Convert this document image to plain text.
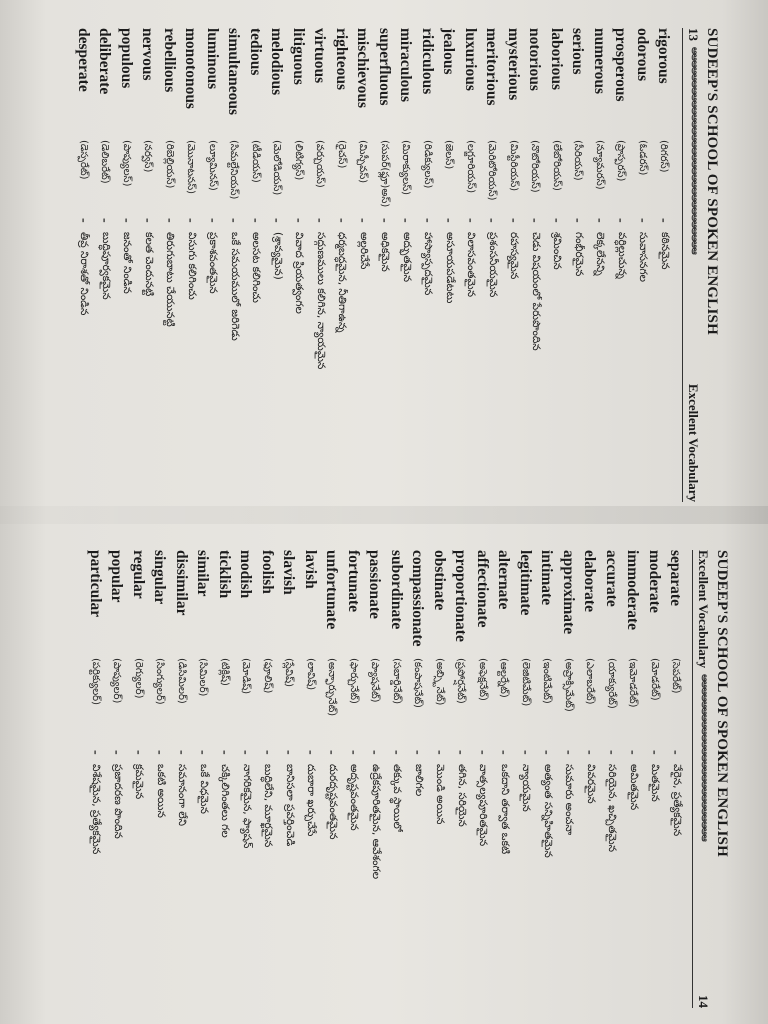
SUDEEP'S SCHOOL OF SPOKEN ENGLISH
13
ఆఆఆఆఆఆఆఆఆఆఆఆఆఆఆఆఆఆఆఆఆఆఆఆఆఆఆఆఆఆఆ
Excellent Vocabulary
rigorous
(రిగరస్)
-
కఠినమైన
odorous
(ఓడరస్)
-
సువాసనగల
prosperous
(ప్రాస్పరస్)
-
వర్ధిల్లుచున్న
numerous
(న్యూమరస్)
-
లెక్కలేనన్ని
serious
(సీరియస్)
-
గంభీరమైన
laborious
(లేబోరియస్)
-
శ్రమించిన
notorious
(నొటోరియస్)
-
చెడు విషయంలో పేరుపొందిన
mysterious
(మిస్టీరియస్)
-
రహస్యమైన
meritorious
(మెరిటోరియస్)
-
ప్రశంసనీయమైన
luxurious
(లగ్జూరియస్)
-
విలాసవంతమైన
jealous
(జెలస్)
-
అసూయపడేటటు
ridiculous
(రిడిక్యులస్)
-
హాస్యాస్పదమైన
miraculous
(మిరాక్యులస్)
-
అద్భుతమైన
superfluous
(సుపర్(ఫ్లూ)అస్)
-
అధికమైన
mischievous
(మిస్చీవస్)
-
అల్లరిచేసే
righteous
(రైచస్)
-
ధర్మబద్ధమైన, నీతిగాఉన్న
virtuous
(వర్చుయస్)
-
సద్గుణములు కలిగిన, న్యాయమైన
litiguous
(లిటిగ్యస్)
-
వివాద ప్రియత్వంగల
melodious
(మెలోడియస్)
-
(శ్రావ్యమైన)
tedious
(టీడియస్)
-
అలసట కలిగించు
simultaneous
(సిమల్టేనియస్)
-
ఒకే సమయములో జరిగెడు
luminous
(ల్యూమినస్)
-
ప్రకాశవంతమైన
monotonous
(మొనాటనస్)
-
విసుగు కలిగించు
rebellious
(రిబెల్లియస్)
-
తిరుగుబాటు చేయునట్టి
nervous
(నర్వస్)
-
కలత చెందునట్టి
populous
(పాప్యులస్)
-
జనంతో నిండిన
deliberate
(డెలిబరేట్)
-
బుద్ధిపూర్వకమైన
desperate
(డెస్పరేట్)
-
తీవ్ర నిరాశతో నిండిన
SUDEEP'S SCHOOL OF SPOKEN ENGLISH
Excellent Vocabulary
ఆఆఆఆఆఆఆఆఆఆఆఆఆఆఆఆఆఆఆఆఆఆఆఆఆ
14
separate
(సెపరేట్)
-
వేరైన, ప్రత్యేకమైన
moderate
(మోడరేట్)
-
మితమైన
immoderate
(ఇమోడరేట్)
-
అమితమైన
accurate
(యాక్యురేట్)
-
సరియైన, ఖచ్చితమైన
elaborate
(ఎలాబరేట్)
-
వివరమైన
approximate
(అప్రాక్సిమేట్)
-
సుమారు అంచనా
intimate
(ఇంటిమేట్)
-
అత్యంత సన్నిహితమైన
legitimate
(లెజిటిమేట్)
-
న్యాయమైన
alternate
(ఆల్టర్నేట్)
-
ఒకదాని తర్వాత ఒకటి
affectionate
(అఫెక్షనేట్)
-
వాత్సల్యపూరితమైన
proportionate
(ప్రపోర్షనేట్)
-
తగిన, సరియైన
obstinate
(అబ్స్టినేట్)
-
మొండి అయిన
compassionate
(కంపాషనేట్)
-
జాలిగల
subordinate
(సబార్డినేట్)
-
తక్కువ స్థాయిలో
passionate
(ప్యాషనేట్)
-
ఉద్రేకపూరితమైన, ఆవేశంగల
fortunate
(ఫార్చునేట్)
-
అదృష్టవంతమైన
unfortunate
(అన్ఫార్చునేట్)
-
దురదృష్టవంతమైన
lavish
(లావిష్)
-
దుబారా ఖర్చుచేసే
slavish
(స్లేవిష్)
-
బానిసలా ప్రవర్తించెడి
foolish
(ఫూలిష్)
-
బుద్ధిలేని, మూర్ఖమైన
modish
(మోడిష్)
-
నాగరికమైన, ఫ్యాషన్
ticklish
(టిక్లిష్)
-
చక్కిలిగింతలు గల
similar
(సిమిలర్)
-
ఒకే విధమైన
dissimilar
(డిసిమిలర్)
-
సమానంగా లేని
singular
(సింగ్యులర్)
-
ఒకటి అయిన
regular
(రెగ్యులర్)
-
క్రమమైన
popular
(పాప్యులర్)
-
ప్రజాదరణ పొందిన
particular
(పర్టిక్యులర్)
-
విశేషమైన, ప్రత్యేకమైన
